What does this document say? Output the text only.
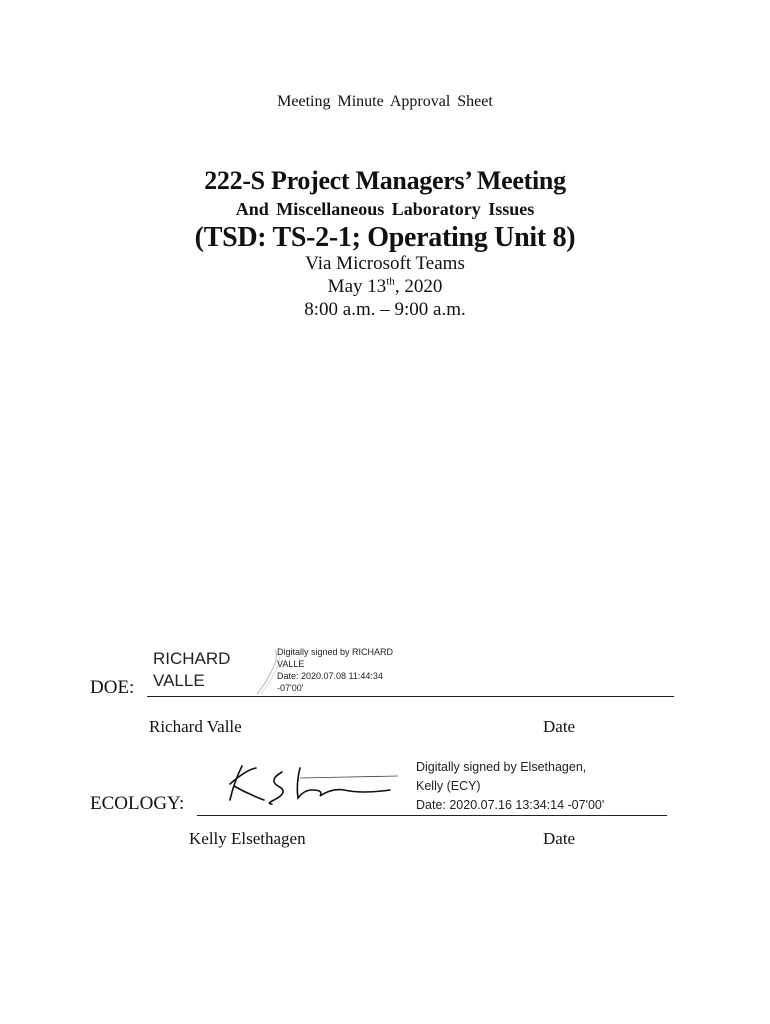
Meeting Minute Approval Sheet
222-S Project Managers’ Meeting
And Miscellaneous Laboratory Issues
(TSD: TS-2-1; Operating Unit 8)
Via Microsoft Teams
May 13th, 2020
8:00 a.m. – 9:00 a.m.
RICHARD
VALLE
Digitally signed by RICHARD
VALLE
Date: 2020.07.08 11:44:34
-07'00'
DOE:
Richard Valle	Date
Digitally signed by Elsethagen,
Kelly (ECY)
Date: 2020.07.16 13:34:14 -07'00'
ECOLOGY:
Kelly Elsethagen	Date
